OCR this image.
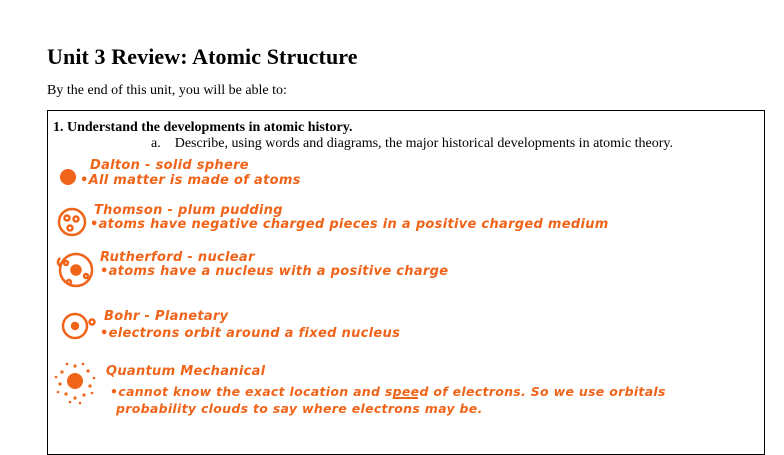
Unit 3 Review: Atomic Structure
By the end of this unit, you will be able to:
1. Understand the developments in atomic history.
a. Describe, using words and diagrams, the major historical developments in atomic theory.
Dalton - solid sphere
•All matter is made of atoms
Thomson - plum pudding
•atoms have negative charged pieces in a positive charged medium
Rutherford - nuclear
•atoms have a nucleus with a positive charge
Bohr - Planetary
•electrons orbit around a fixed nucleus
Quantum Mechanical
•cannot know the exact location and speed of electrons. So we use orbitals
probability clouds to say where electrons may be.
